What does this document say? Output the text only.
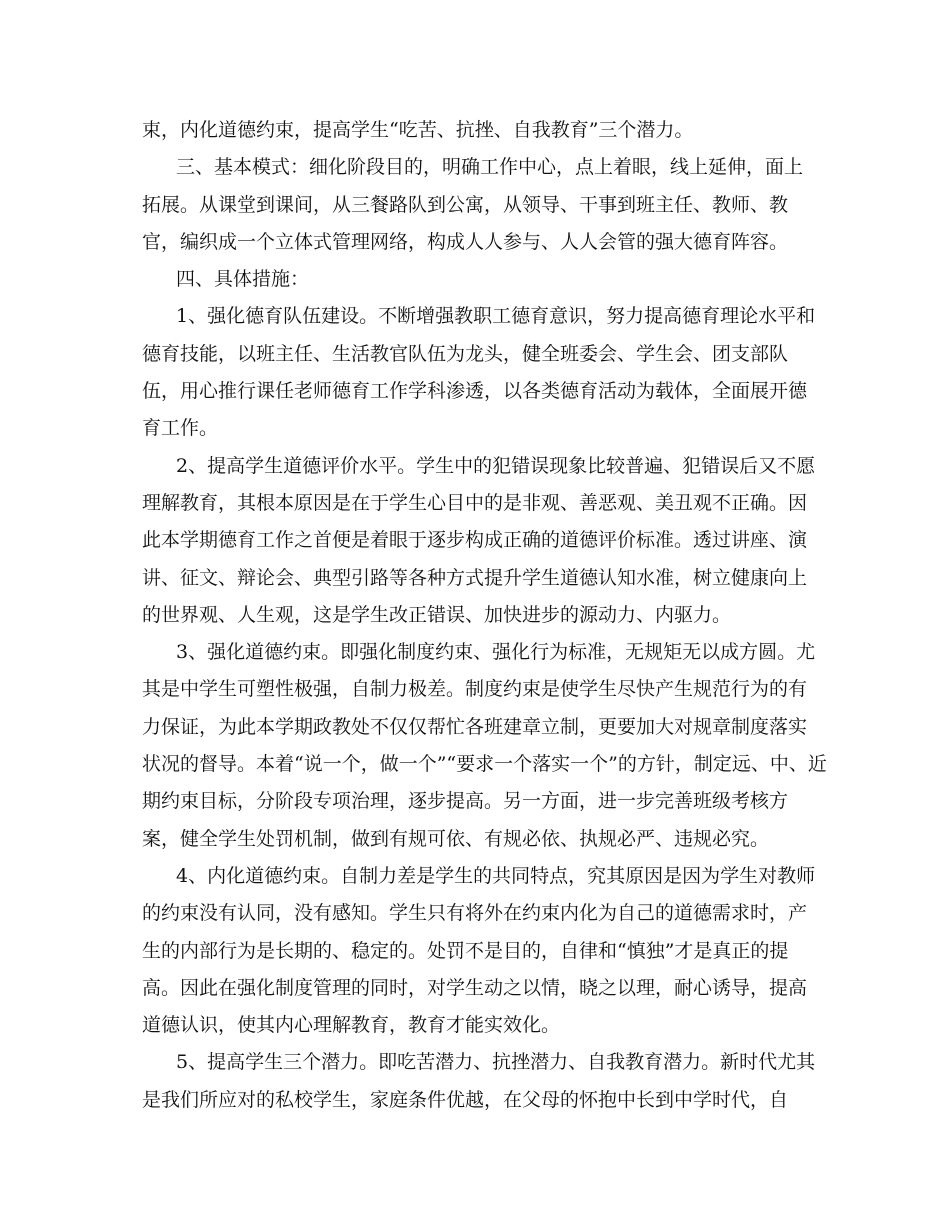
束，内化道德约束，提高学生“吃苦、抗挫、自我教育”三个潜力。
三、基本模式：细化阶段目的，明确工作中心，点上着眼，线上延伸，面上
拓展。从课堂到课间，从三餐路队到公寓，从领导、干事到班主任、教师、教
官，编织成一个立体式管理网络，构成人人参与、人人会管的强大德育阵容。
四、具体措施：
1、强化德育队伍建设。不断增强教职工德育意识，努力提高德育理论水平和
德育技能，以班主任、生活教官队伍为龙头，健全班委会、学生会、团支部队
伍，用心推行课任老师德育工作学科渗透，以各类德育活动为载体，全面展开德
育工作。
2、提高学生道德评价水平。学生中的犯错误现象比较普遍、犯错误后又不愿
理解教育，其根本原因是在于学生心目中的是非观、善恶观、美丑观不正确。因
此本学期德育工作之首便是着眼于逐步构成正确的道德评价标准。透过讲座、演
讲、征文、辩论会、典型引路等各种方式提升学生道德认知水准，树立健康向上
的世界观、人生观，这是学生改正错误、加快进步的源动力、内驱力。
3、强化道德约束。即强化制度约束、强化行为标准，无规矩无以成方圆。尤
其是中学生可塑性极强，自制力极差。制度约束是使学生尽快产生规范行为的有
力保证，为此本学期政教处不仅仅帮忙各班建章立制，更要加大对规章制度落实
状况的督导。本着“说一个，做一个”“要求一个落实一个”的方针，制定远、中、近
期约束目标，分阶段专项治理，逐步提高。另一方面，进一步完善班级考核方
案，健全学生处罚机制，做到有规可依、有规必依、执规必严、违规必究。
4、内化道德约束。自制力差是学生的共同特点，究其原因是因为学生对教师
的约束没有认同，没有感知。学生只有将外在约束内化为自己的道德需求时，产
生的内部行为是长期的、稳定的。处罚不是目的，自律和“慎独”才是真正的提
高。因此在强化制度管理的同时，对学生动之以情，晓之以理，耐心诱导，提高
道德认识，使其内心理解教育，教育才能实效化。
5、提高学生三个潜力。即吃苦潜力、抗挫潜力、自我教育潜力。新时代尤其
是我们所应对的私校学生，家庭条件优越，在父母的怀抱中长到中学时代，自
